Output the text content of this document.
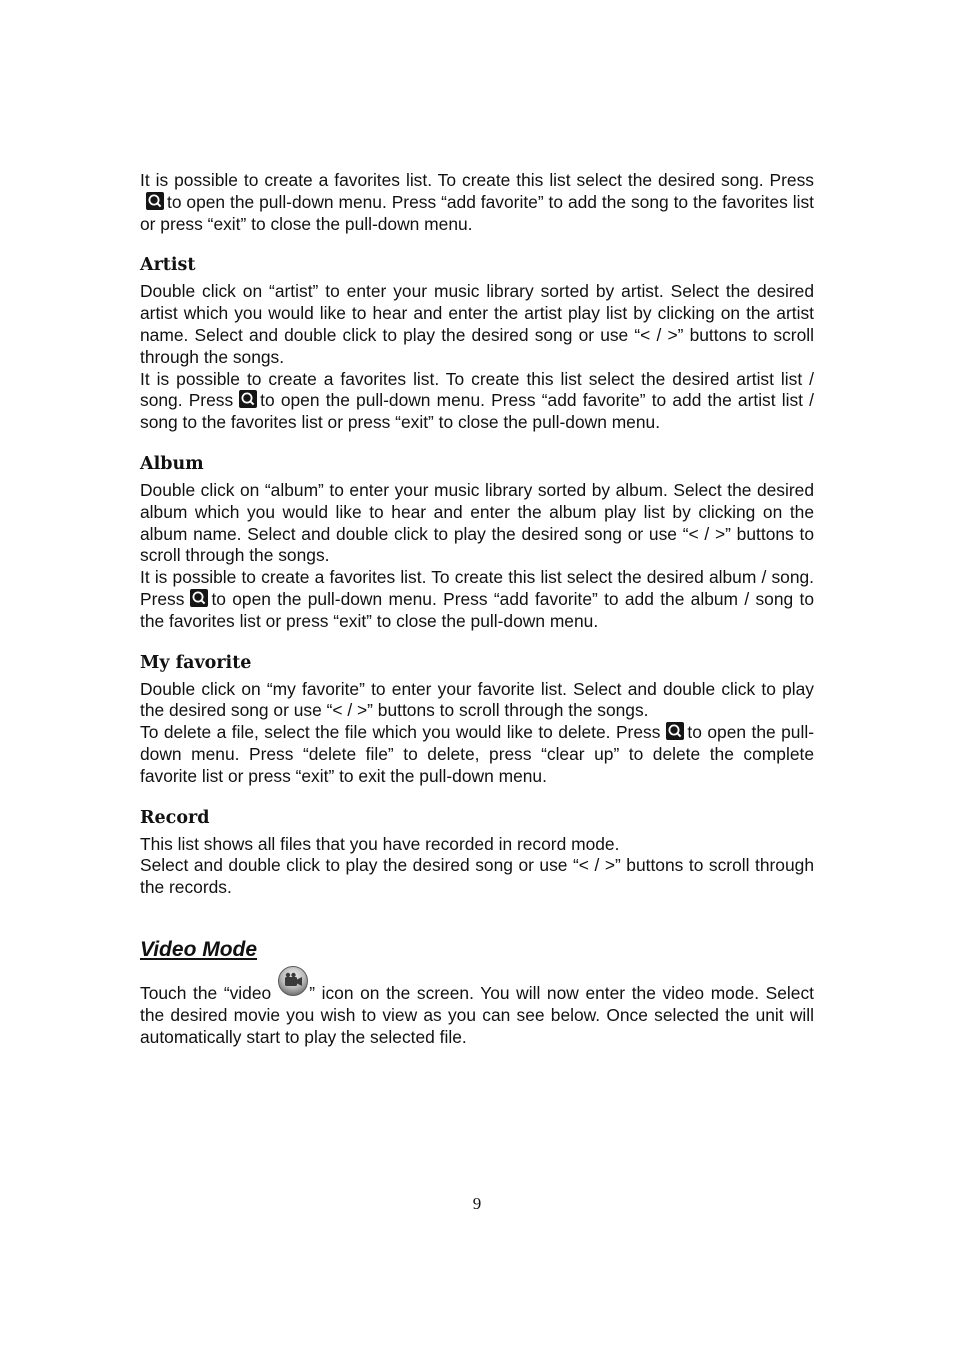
It is possible to create a favorites list. To create this list select the desired song. Press
to open the pull-down menu. Press “add favorite” to add the song to the favorites list or press “exit” to close the pull-down menu.

Artist

Double click on “artist” to enter your music library sorted by artist. Select the desired artist which you would like to hear and enter the artist play list by clicking on the artist name. Select and double click to play the desired song or use “< / >” buttons to scroll through the songs.

It is possible to create a favorites list. To create this list select the desired artist list / song. Press to open the pull-down menu. Press “add favorite” to add the artist list / song to the favorites list or press “exit” to close the pull-down menu.

Album

Double click on “album” to enter your music library sorted by album. Select the desired album which you would like to hear and enter the album play list by clicking on the album name. Select and double click to play the desired song or use “< / >” buttons to scroll through the songs.

It is possible to create a favorites list. To create this list select the desired album / song. Press to open the pull-down menu. Press “add favorite” to add the album / song to the favorites list or press “exit” to close the pull-down menu.

My favorite

Double click on “my favorite” to enter your favorite list. Select and double click to play the desired song or use “< / >” buttons to scroll through the songs.

To delete a file, select the file which you would like to delete. Press to open the pull-down menu. Press “delete file” to delete, press “clear up” to delete the complete favorite list or press “exit” to exit the pull-down menu.

Record

This list shows all files that you have recorded in record mode.

Select and double click to play the desired song or use “< / >” buttons to scroll through the records.

Video Mode

Touch the “video ” icon on the screen. You will now enter the video mode. Select the desired movie you wish to view as you can see below. Once selected the unit will automatically start to play the selected file.

9
